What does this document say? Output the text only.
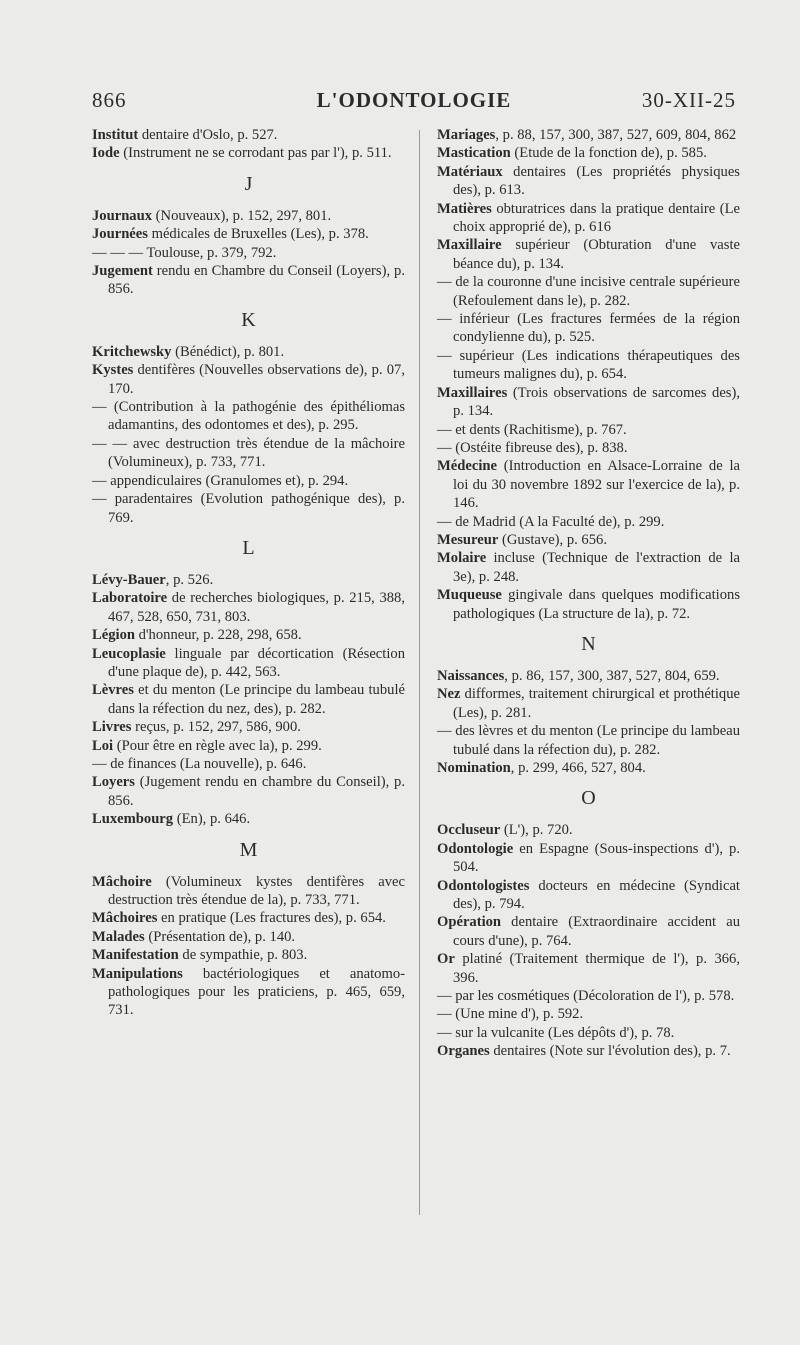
866	L'ODONTOLOGIE	30-XII-25
Institut dentaire d'Oslo, p. 527.
Iode (Instrument ne se corrodant pas par l'), p. 511.
J
Journaux (Nouveaux), p. 152, 297, 801.
Journées médicales de Bruxelles (Les), p. 378.
— — — Toulouse, p. 379, 792.
Jugement rendu en Chambre du Conseil (Loyers), p. 856.
K
Kritchewsky (Bénédict), p. 801.
Kystes dentifères (Nouvelles observations de), p. 07, 170.
— (Contribution à la pathogénie des épithéliomas adamantins, des odontomes et des), p. 295.
— — avec destruction très étendue de la mâchoire (Volumineux), p. 733, 771.
— appendiculaires (Granulomes et), p. 294.
— paradentaires (Evolution pathogénique des), p. 769.
L
Lévy-Bauer, p. 526.
Laboratoire de recherches biologiques, p. 215, 388, 467, 528, 650, 731, 803.
Légion d'honneur, p. 228, 298, 658.
Leucoplasie linguale par décortication (Résection d'une plaque de), p. 442, 563.
Lèvres et du menton (Le principe du lambeau tubulé dans la réfection du nez, des), p. 282.
Livres reçus, p. 152, 297, 586, 900.
Loi (Pour être en règle avec la), p. 299.
— de finances (La nouvelle), p. 646.
Loyers (Jugement rendu en chambre du Conseil), p. 856.
Luxembourg (En), p. 646.
M
Mâchoire (Volumineux kystes dentifères avec destruction très étendue de la), p. 733, 771.
Mâchoires en pratique (Les fractures des), p. 654.
Malades (Présentation de), p. 140.
Manifestation de sympathie, p. 803.
Manipulations bactériologiques et anatomo-pathologiques pour les praticiens, p. 465, 659, 731.
Mariages, p. 88, 157, 300, 387, 527, 609, 804, 862
Mastication (Etude de la fonction de), p. 585.
Matériaux dentaires (Les propriétés physiques des), p. 613.
Matières obturatrices dans la pratique dentaire (Le choix approprié de), p. 616
Maxillaire supérieur (Obturation d'une vaste béance du), p. 134.
— de la couronne d'une incisive centrale supérieure (Refoulement dans le), p. 282.
— inférieur (Les fractures fermées de la région condylienne du), p. 525.
— supérieur (Les indications thérapeutiques des tumeurs malignes du), p. 654.
Maxillaires (Trois observations de sarcomes des), p. 134.
— et dents (Rachitisme), p. 767.
— (Ostéite fibreuse des), p. 838.
Médecine (Introduction en Alsace-Lorraine de la loi du 30 novembre 1892 sur l'exercice de la), p. 146.
— de Madrid (A la Faculté de), p. 299.
Mesureur (Gustave), p. 656.
Molaire incluse (Technique de l'extraction de la 3e), p. 248.
Muqueuse gingivale dans quelques modifications pathologiques (La structure de la), p. 72.
N
Naissances, p. 86, 157, 300, 387, 527, 804, 659.
Nez difformes, traitement chirurgical et prothétique (Les), p. 281.
— des lèvres et du menton (Le principe du lambeau tubulé dans la réfection du), p. 282.
Nomination, p. 299, 466, 527, 804.
O
Occluseur (L'), p. 720.
Odontologie en Espagne (Sous-inspections d'), p. 504.
Odontologistes docteurs en médecine (Syndicat des), p. 794.
Opération dentaire (Extraordinaire accident au cours d'une), p. 764.
Or platiné (Traitement thermique de l'), p. 366, 396.
— par les cosmétiques (Décoloration de l'), p. 578.
— (Une mine d'), p. 592.
— sur la vulcanite (Les dépôts d'), p. 78.
Organes dentaires (Note sur l'évolution des), p. 7.
